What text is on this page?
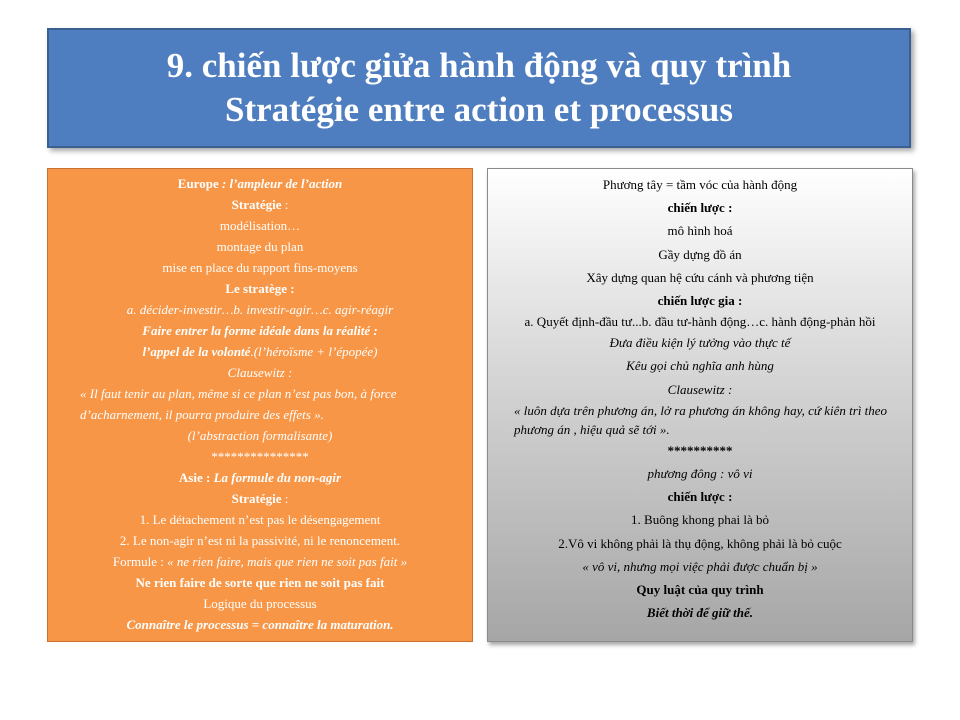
9. chiến lược giửa hành động và quy trình
Stratégie entre action et processus
Europe : l’ampleur de l’action
Stratégie :
modélisation…
montage du plan
mise en place du rapport fins-moyens
Le stratège :
a. décider-investir…b. investir-agir…c. agir-réagir
Faire entrer la forme idéale dans la réalité :
l’appel de la volonté.(l’héroïsme + l’épopée)
Clausewitz :
« Il faut tenir au plan, même si ce plan n’est pas bon, à force d’acharnement, il pourra produire des effets ».
(l’abstraction formalisante)
***************
Asie : La formule du non-agir
Stratégie :
1. Le détachement n’est pas le désengagement
2. Le non-agir n’est ni la passivité, ni le renoncement.
Formule : « ne rien faire, mais que rien ne soit pas fait »
Ne rien faire de sorte que rien ne soit pas fait
Logique du processus
Connaître le processus = connaître la maturation.
Phương tây = tầm vóc của hành động
chiến lược :
mô hình hoá
Gầy dựng đồ án
Xây dựng quan hệ cứu cánh và phương tiện
chiến lược gia :
a. Quyết định-đầu tư...b. đầu tư-hành động…c. hành động-phản hồi
Đưa điều kiện lý tưởng vào thực tế
Kêu gọi chủ nghĩa anh hùng
Clausewitz :
« luôn dựa trên phương án, lở ra phương án không hay, cứ kiên trì theo phương án , hiệu quả sẽ tới ».
**********
phương đông : vô vi
chiến lược :
1. Buông khong phai là bỏ
2.Vô vi không phải là thụ động, không phải là bỏ cuộc
« vô vi, nhưng mọi việc phải được chuẩn bị »
Quy luật của quy trình
Biết thời để giữ thế.
